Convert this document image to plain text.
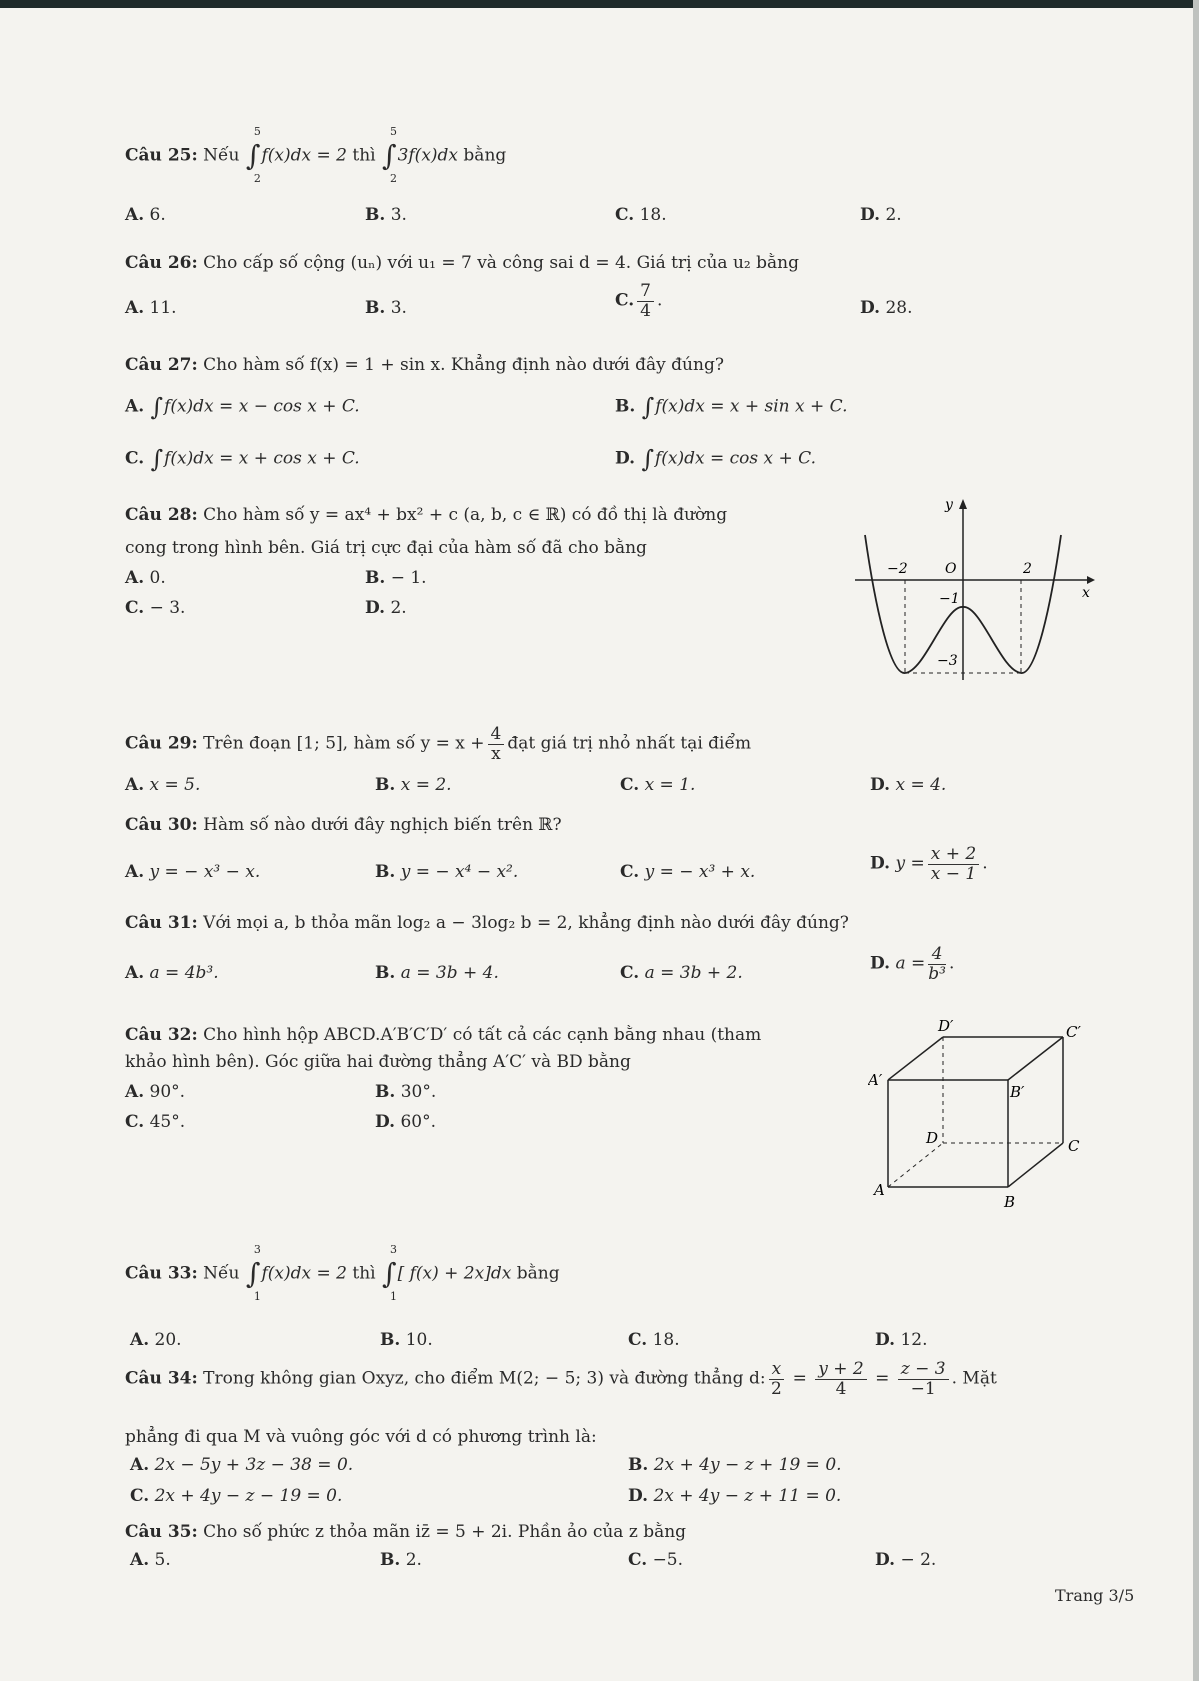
Câu 25: Nếu ∫
5
2
f(x)dx = 2 thì ∫
5
2
3f(x)dx bằng
A. 6.	B. 3.	C. 18.	D. 2.
Câu 26: Cho cấp số cộng (uₙ) với u₁ = 7 và công sai d = 4. Giá trị của u₂ bằng
A. 11.	B. 3.	C. $\frac{7}{4}$ .	D. 28.
Câu 27: Cho hàm số f(x) = 1 + sin x. Khẳng định nào dưới đây đúng?
A. ∫f(x)dx = x − cos x + C.	B. ∫f(x)dx = x + sin x + C.
C. ∫f(x)dx = x + cos x + C.	D. ∫f(x)dx = cos x + C.
Câu 28: Cho hàm số y = ax⁴ + bx² + c (a, b, c ∈ ℝ) có đồ thị là đường
cong trong hình bên. Giá trị cực đại của hàm số đã cho bằng
A. 0.	B. − 1.
C. − 3.	D. 2.
y
x
−2	O	2
−1
−3
Câu 29: Trên đoạn [1; 5], hàm số $y = x + \frac{4}{x}$ đạt giá trị nhỏ nhất tại điểm
A. x = 5.	B. x = 2.	C. x = 1.	D. x = 4.
Câu 30: Hàm số nào dưới đây nghịch biến trên ℝ?
A. y = − x³ − x.	B. y = − x⁴ − x².	C. y = − x³ + x.	D. $y = \frac{x + 2}{x - 1}$ .
Câu 31: Với mọi a, b thỏa mãn log₂ a − 3log₂ b = 2, khẳng định nào dưới đây đúng?
A. a = 4b³.	B. a = 3b + 4.	C. a = 3b + 2.	D. $a = \frac{4}{\text{b³}}$ .
Câu 32: Cho hình hộp ABCD.A′B′C′D′ có tất cả các cạnh bằng nhau (tham
khảo hình bên). Góc giữa hai đường thẳng A′C′ và BD bằng
A. 90°.	B. 30°.
C. 45°.	D. 60°.
A
B
C
D
A′
B′
C′
D′
Câu 33: Nếu ∫
3
1
f(x)dx = 2 thì ∫
3
1
[ f(x) + 2x]dx bằng
A. 20.	B. 10.	C. 18.	D. 12.
Câu 34: Trong không gian Oxyz, cho điểm M(2; − 5; 3) và đường thẳng d: $\frac{x}{2} = \frac{y + 2}{4} = \frac{z - 3}{-1}$ . Mặt
phẳng đi qua M và vuông góc với d có phương trình là:
A. 2x − 5y + 3z − 38 = 0.	B. 2x + 4y − z + 19 = 0.
C. 2x + 4y − z − 19 = 0.	D. 2x + 4y − z + 11 = 0.
Câu 35: Cho số phức z thỏa mãn iz̄ = 5 + 2i. Phần ảo của z bằng
A. 5.	B. 2.	C. −5.	D. − 2.
Trang 3/5
